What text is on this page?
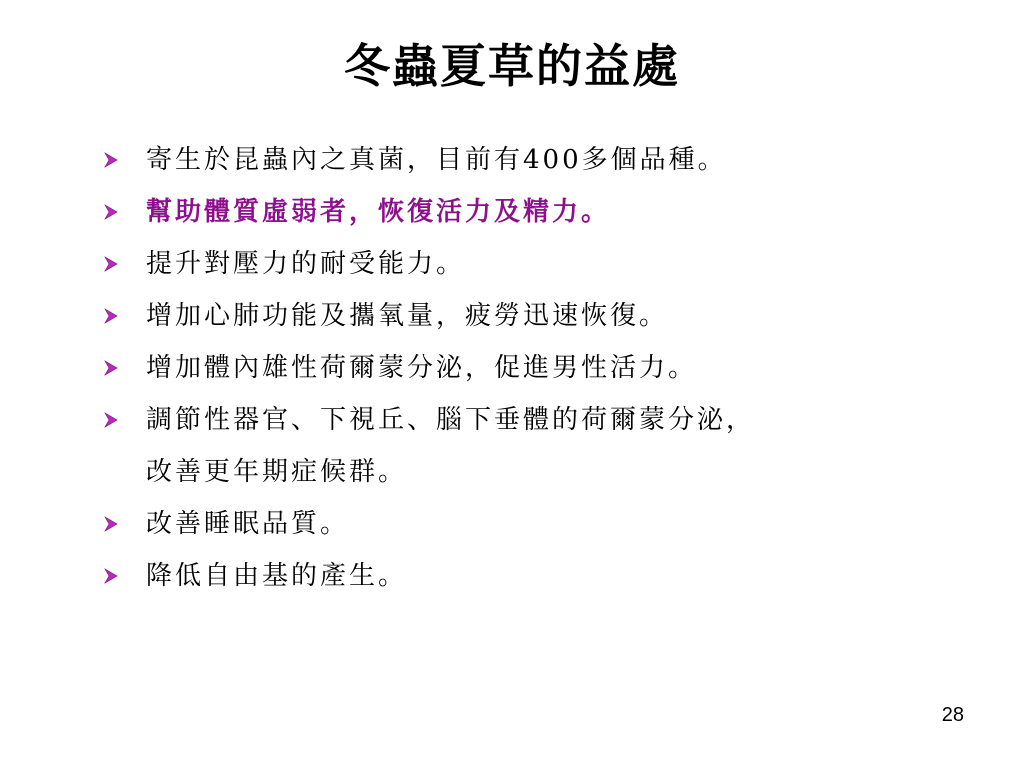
冬蟲夏草的益處
寄生於昆蟲內之真菌，目前有400多個品種。
幫助體質虛弱者，恢復活力及精力。
提升對壓力的耐受能力。
增加心肺功能及攜氧量，疲勞迅速恢復。
增加體內雄性荷爾蒙分泌，促進男性活力。
調節性器官、下視丘、腦下垂體的荷爾蒙分泌，
改善更年期症候群。
改善睡眠品質。
降低自由基的產生。
28
